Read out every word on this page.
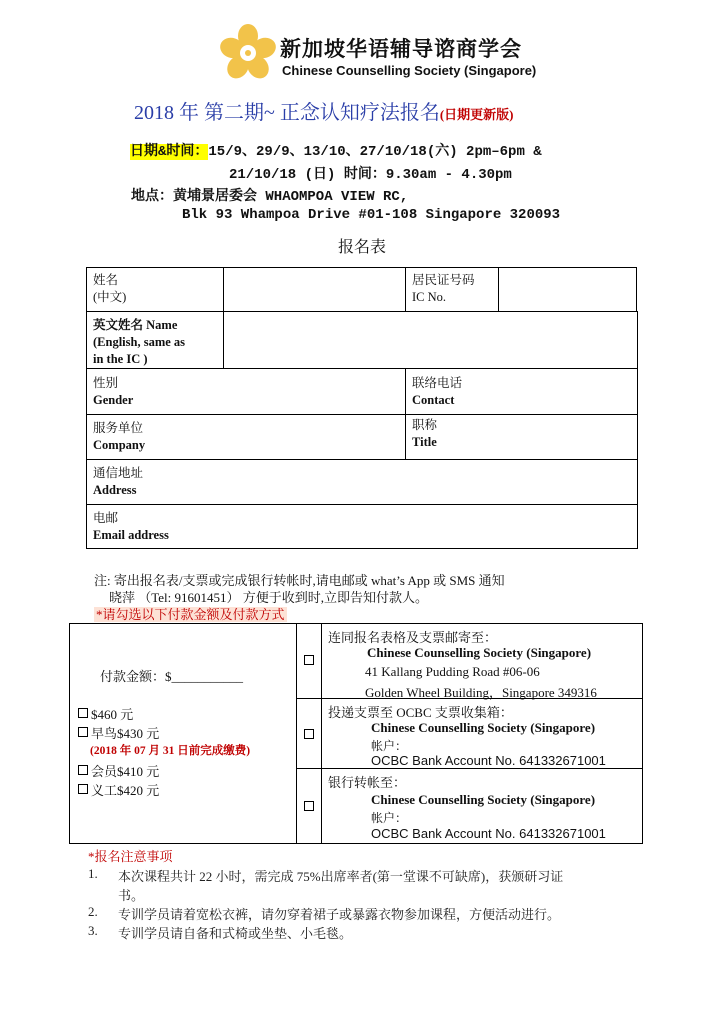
新加坡华语辅导谘商学会
Chinese Counselling Society (Singapore)
2018 年 第二期~ 正念认知疗法报名(日期更新版)
日期&时间：15/9、29/9、13/10、27/10/18(六) 2pm–6pm &
21/10/18 (日) 时间：9.30am - 4.30pm
地点：黄埔景居委会 WHAOMPOA VIEW RC,
Blk 93 Whampoa Drive #01-108 Singapore 320093
报名表
姓名
(中文)
居民证号码
IC No.
英文姓名 Name
(English, same as
in the IC )
性别
Gender
联络电话
Contact
服务单位
Company
职称
Title
通信地址
Address
电邮
Email address
注: 寄出报名表/支票或完成银行转帐时,请电邮或 what’s App 或 SMS 通知
晓萍 （Tel: 91601451） 方便于收到时,立即告知付款人。
*请勾选以下付款金额及付款方式
付款金额：$___________
$460 元
早鸟$430 元
(2018 年 07 月 31 日前完成缴费)
会员$410 元
义工$420 元
连同报名表格及支票邮寄至：
Chinese Counselling Society (Singapore)
41 Kallang Pudding Road #06-06
Golden Wheel Building，Singapore 349316
投递支票至 OCBC 支票收集箱：
Chinese Counselling Society (Singapore)
帐户：
OCBC Bank Account No. 641332671001
银行转帐至：
Chinese Counselling Society (Singapore)
帐户：
OCBC Bank Account No. 641332671001
*报名注意事项
1. 本次课程共计 22 小时，需完成 75%出席率者(第一堂课不可缺席)，获颁研习证
书。
2. 专训学员请着宽松衣裤，请勿穿着裙子或暴露衣物参加课程，方便活动进行。
3. 专训学员请自备和式椅或坐垫、小毛毯。
